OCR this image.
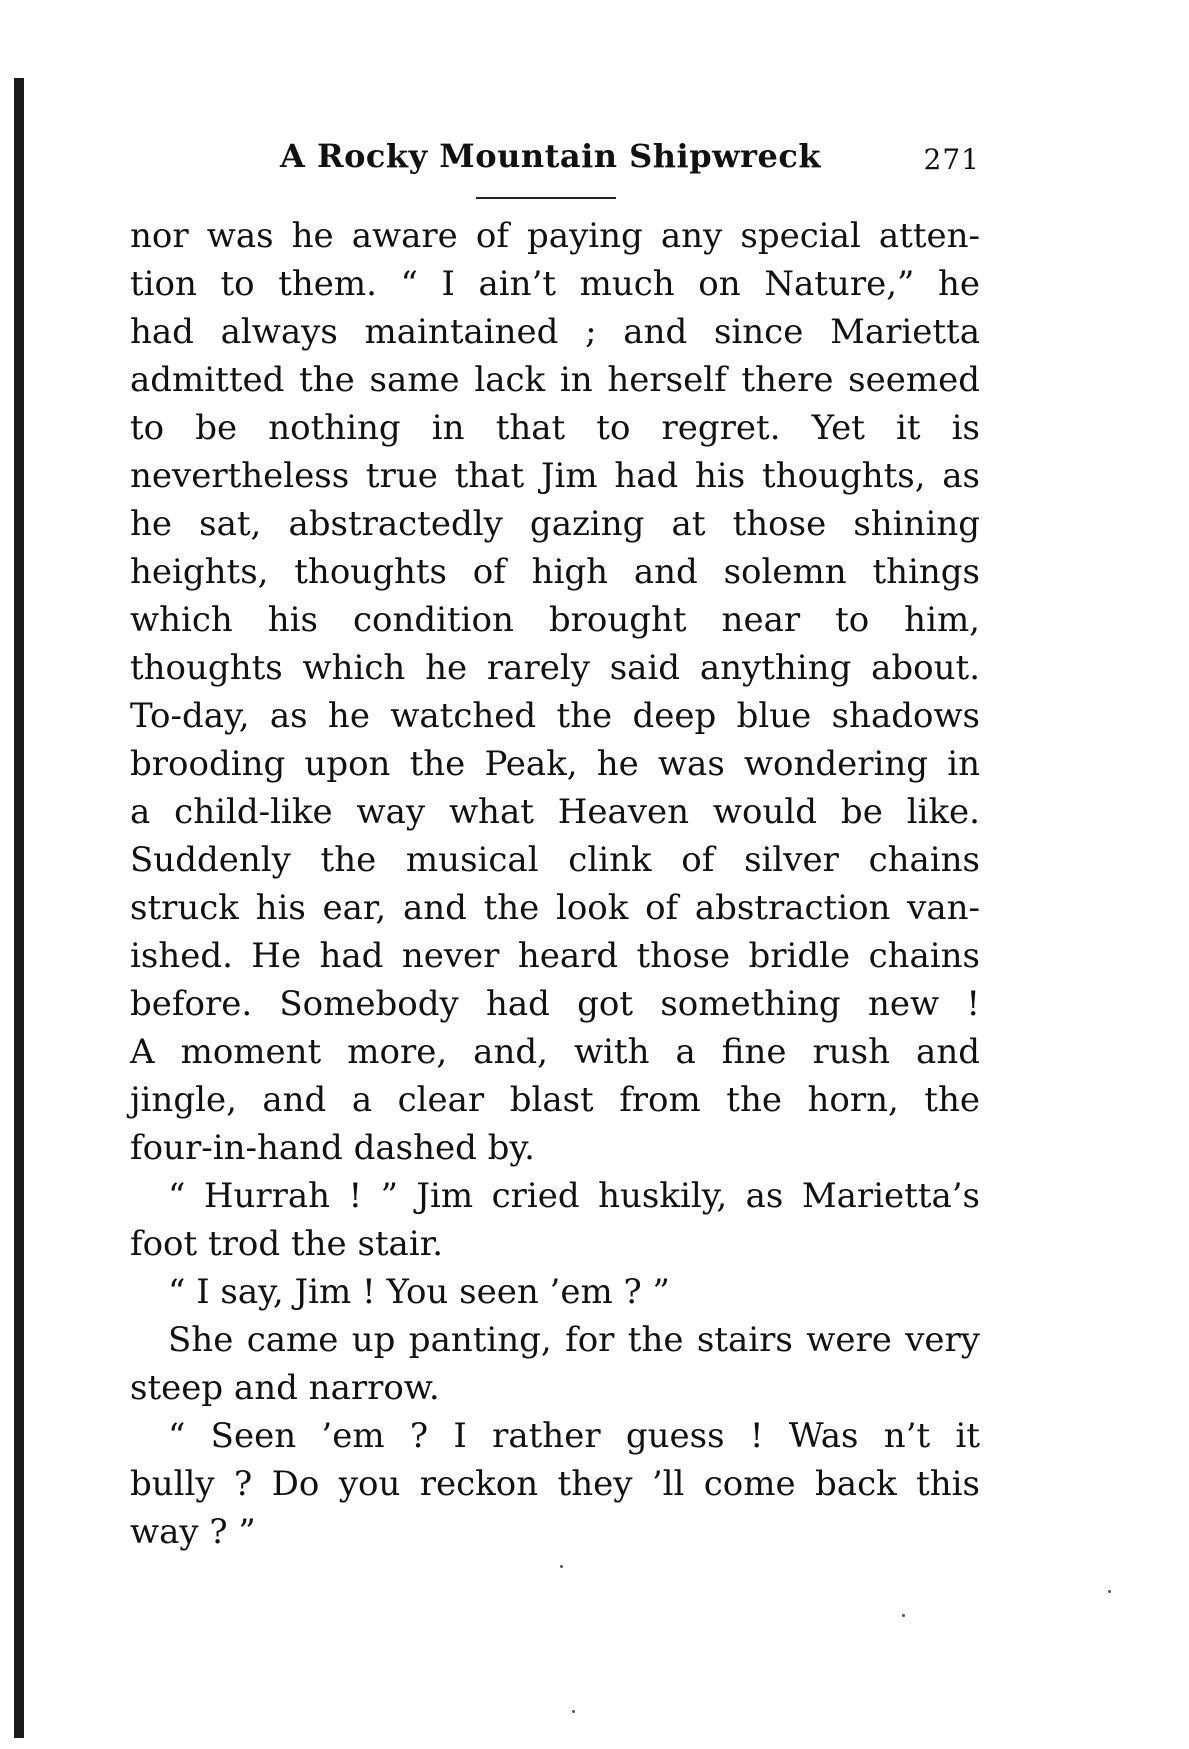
A Rocky Mountain Shipwreck	271
nor was he aware of paying any special atten-
tion to them. “ I ain’t much on Nature,” he
had always maintained ; and since Marietta
admitted the same lack in herself there seemed
to be nothing in that to regret. Yet it is
nevertheless true that Jim had his thoughts, as
he sat, abstractedly gazing at those shining
heights, thoughts of high and solemn things
which his condition brought near to him,
thoughts which he rarely said anything about.
To-day, as he watched the deep blue shadows
brooding upon the Peak, he was wondering in
a child-like way what Heaven would be like.
Suddenly the musical clink of silver chains
struck his ear, and the look of abstraction van-
ished. He had never heard those bridle chains
before. Somebody had got something new !
A moment more, and, with a fine rush and
jingle, and a clear blast from the horn, the
four-in-hand dashed by.
“ Hurrah ! ” Jim cried huskily, as Marietta’s
foot trod the stair.
“ I say, Jim ! You seen ’em ? ”
She came up panting, for the stairs were very
steep and narrow.
“ Seen ’em ? I rather guess ! Was n’t it
bully ? Do you reckon they ’ll come back this
way ? ”
